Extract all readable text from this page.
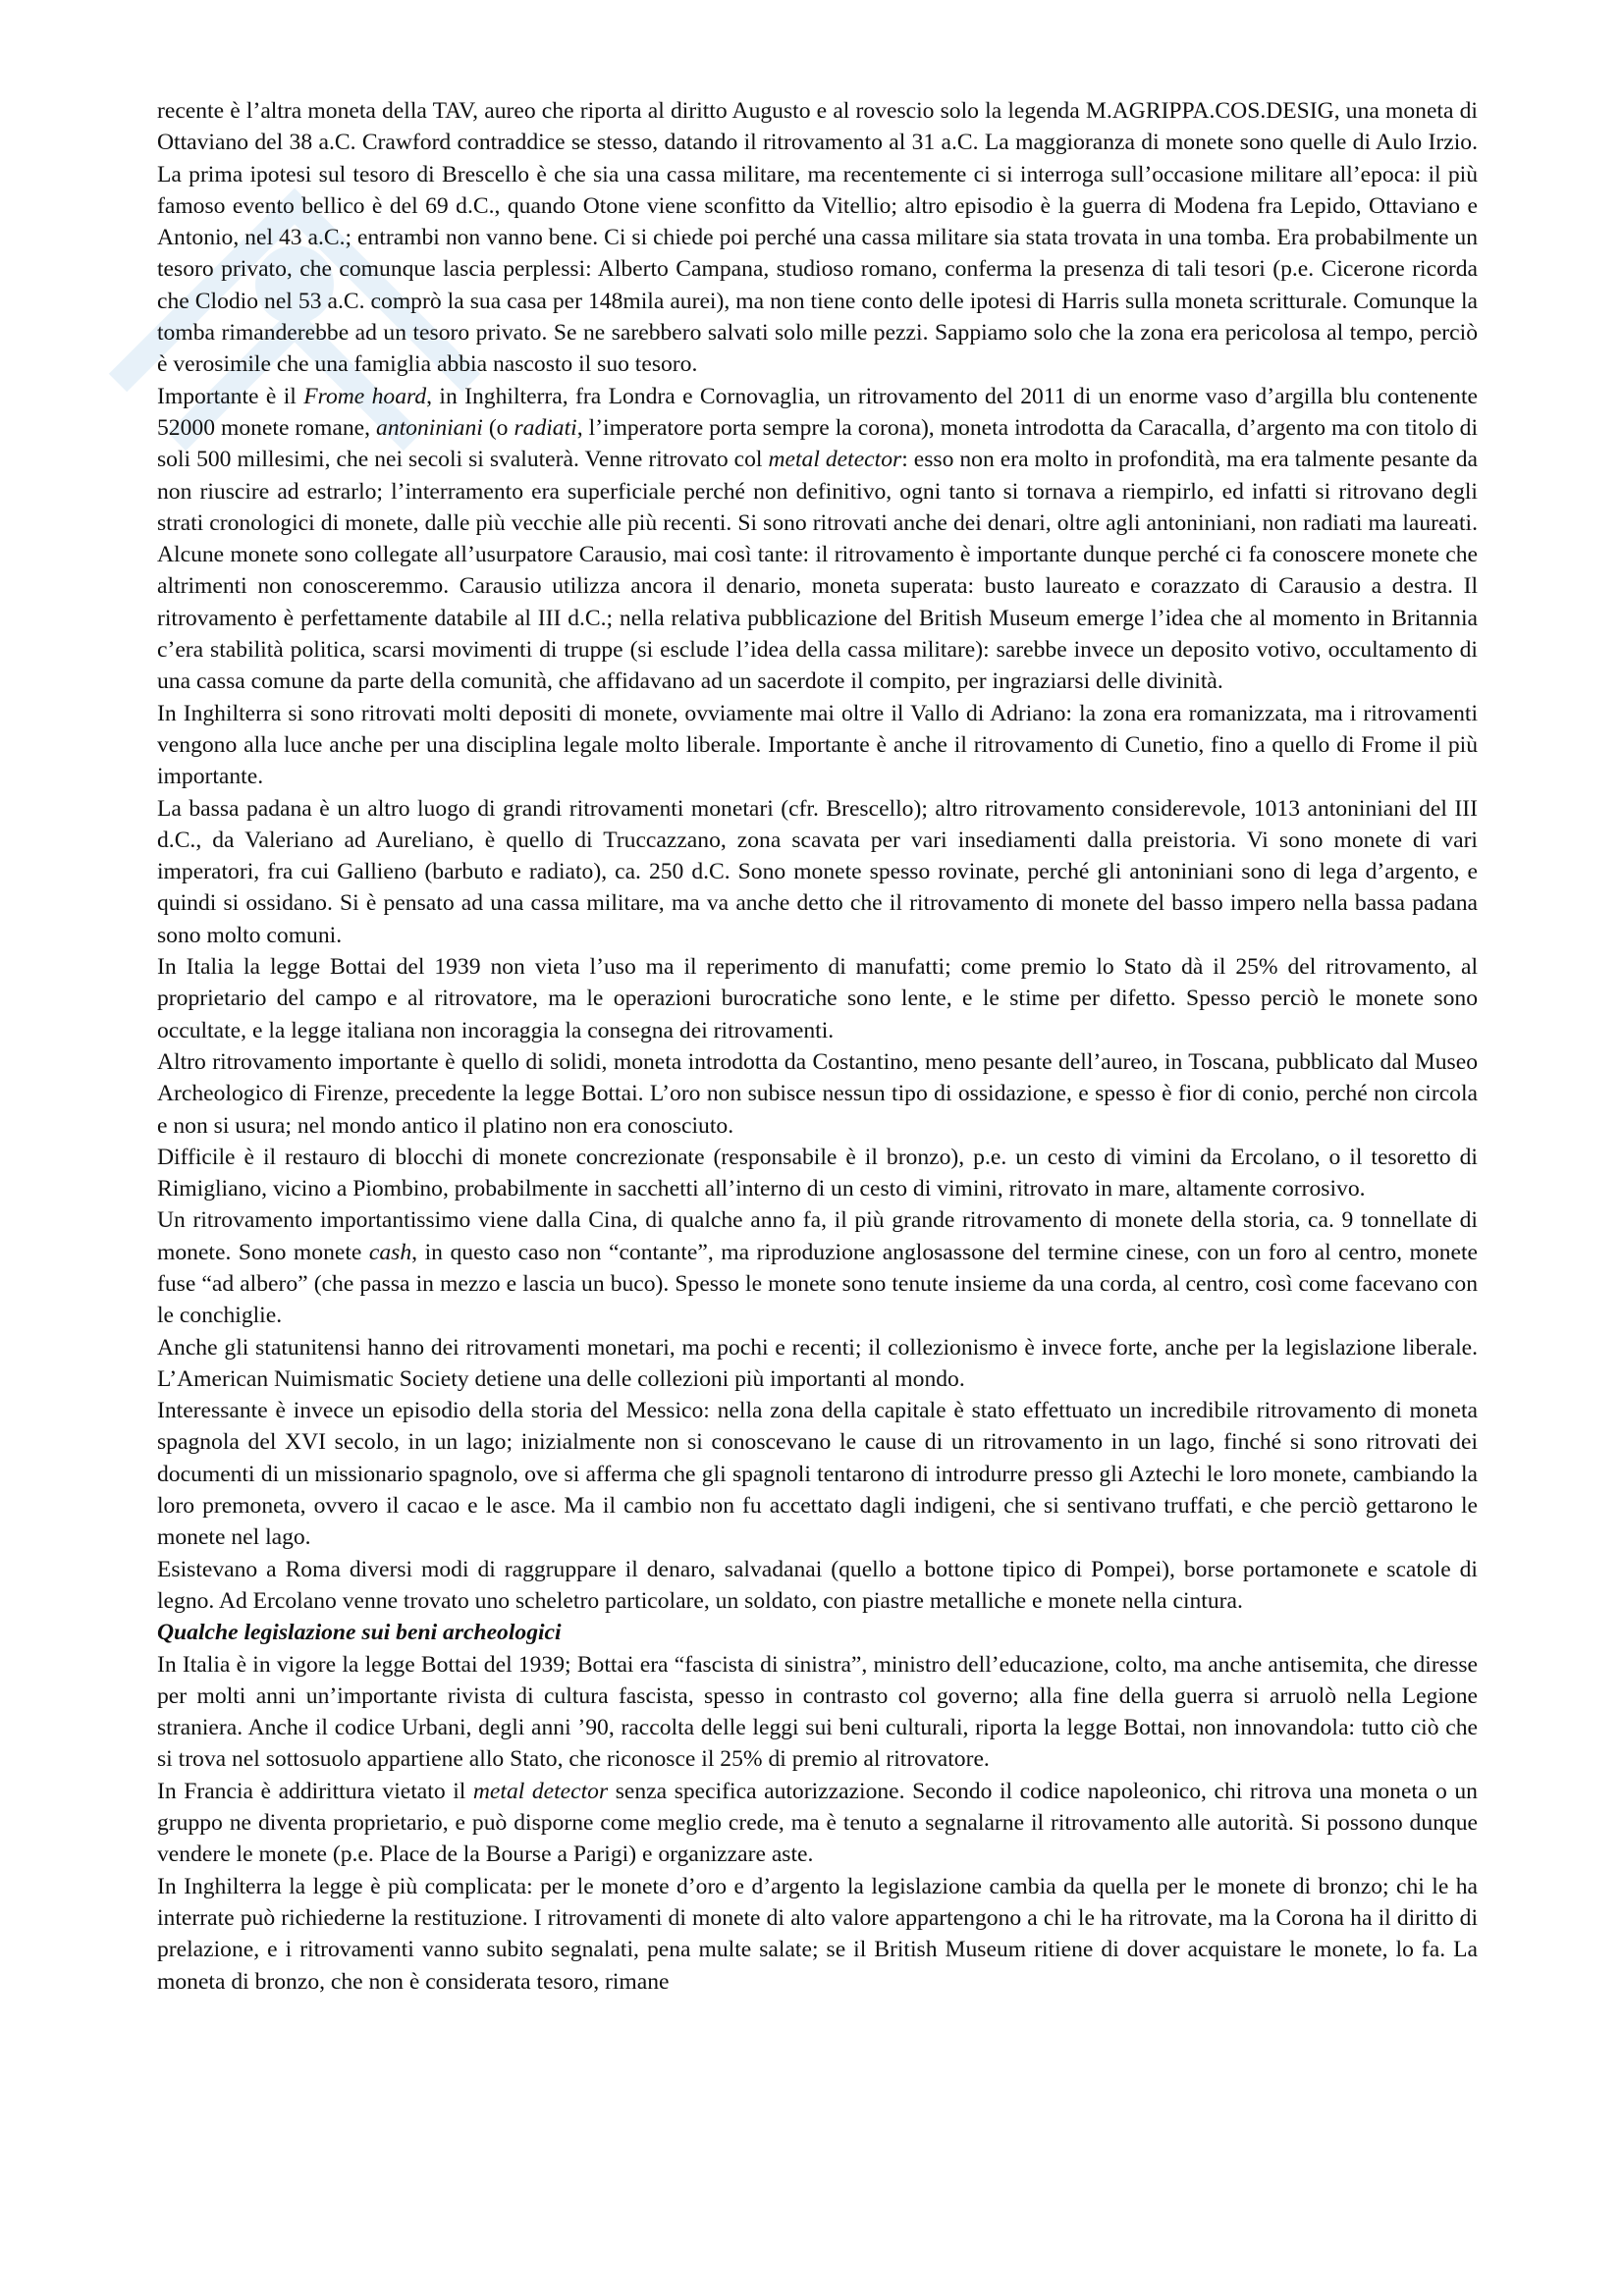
recente è l’altra moneta della TAV, aureo che riporta al diritto Augusto e al rovescio solo la legenda M.AGRIPPA.COS.DESIG, una moneta di Ottaviano del 38 a.C. Crawford contraddice se stesso, datando il ritrovamento al 31 a.C. La maggioranza di monete sono quelle di Aulo Irzio. La prima ipotesi sul tesoro di Brescello è che sia una cassa militare, ma recentemente ci si interroga sull’occasione militare all’epoca: il più famoso evento bellico è del 69 d.C., quando Otone viene sconfitto da Vitellio; altro episodio è la guerra di Modena fra Lepido, Ottaviano e Antonio, nel 43 a.C.; entrambi non vanno bene. Ci si chiede poi perché una cassa militare sia stata trovata in una tomba. Era probabilmente un tesoro privato, che comunque lascia perplessi: Alberto Campana, studioso romano, conferma la presenza di tali tesori (p.e. Cicerone ricorda che Clodio nel 53 a.C. comprò la sua casa per 148mila aurei), ma non tiene conto delle ipotesi di Harris sulla moneta scritturale. Comunque la tomba rimanderebbe ad un tesoro privato. Se ne sarebbero salvati solo mille pezzi. Sappiamo solo che la zona era pericolosa al tempo, perciò è verosimile che una famiglia abbia nascosto il suo tesoro.

Importante è il Frome hoard, in Inghilterra, fra Londra e Cornovaglia, un ritrovamento del 2011 di un enorme vaso d’argilla blu contenente 52000 monete romane, antoniniani (o radiati, l’imperatore porta sempre la corona), moneta introdotta da Caracalla, d’argento ma con titolo di soli 500 millesimi, che nei secoli si svaluterà. Venne ritrovato col metal detector: esso non era molto in profondità, ma era talmente pesante da non riuscire ad estrarlo; l’interramento era superficiale perché non definitivo, ogni tanto si tornava a riempirlo, ed infatti si ritrovano degli strati cronologici di monete, dalle più vecchie alle più recenti. Si sono ritrovati anche dei denari, oltre agli antoniniani, non radiati ma laureati. Alcune monete sono collegate all’usurpatore Carausio, mai così tante: il ritrovamento è importante dunque perché ci fa conoscere monete che altrimenti non conosceremmo. Carausio utilizza ancora il denario, moneta superata: busto laureato e corazzato di Carausio a destra. Il ritrovamento è perfettamente databile al III d.C.; nella relativa pubblicazione del British Museum emerge l’idea che al momento in Britannia c’era stabilità politica, scarsi movimenti di truppe (si esclude l’idea della cassa militare): sarebbe invece un deposito votivo, occultamento di una cassa comune da parte della comunità, che affidavano ad un sacerdote il compito, per ingraziarsi delle divinità.

In Inghilterra si sono ritrovati molti depositi di monete, ovviamente mai oltre il Vallo di Adriano: la zona era romanizzata, ma i ritrovamenti vengono alla luce anche per una disciplina legale molto liberale. Importante è anche il ritrovamento di Cunetio, fino a quello di Frome il più importante.

La bassa padana è un altro luogo di grandi ritrovamenti monetari (cfr. Brescello); altro ritrovamento considerevole, 1013 antoniniani del III d.C., da Valeriano ad Aureliano, è quello di Truccazzano, zona scavata per vari insediamenti dalla preistoria. Vi sono monete di vari imperatori, fra cui Gallieno (barbuto e radiato), ca. 250 d.C. Sono monete spesso rovinate, perché gli antoniniani sono di lega d’argento, e quindi si ossidano. Si è pensato ad una cassa militare, ma va anche detto che il ritrovamento di monete del basso impero nella bassa padana sono molto comuni.

In Italia la legge Bottai del 1939 non vieta l’uso ma il reperimento di manufatti; come premio lo Stato dà il 25% del ritrovamento, al proprietario del campo e al ritrovatore, ma le operazioni burocratiche sono lente, e le stime per difetto. Spesso perciò le monete sono occultate, e la legge italiana non incoraggia la consegna dei ritrovamenti.

Altro ritrovamento importante è quello di solidi, moneta introdotta da Costantino, meno pesante dell’aureo, in Toscana, pubblicato dal Museo Archeologico di Firenze, precedente la legge Bottai. L’oro non subisce nessun tipo di ossidazione, e spesso è fior di conio, perché non circola e non si usura; nel mondo antico il platino non era conosciuto.

Difficile è il restauro di blocchi di monete concrezionate (responsabile è il bronzo), p.e. un cesto di vimini da Ercolano, o il tesoretto di Rimigliano, vicino a Piombino, probabilmente in sacchetti all’interno di un cesto di vimini, ritrovato in mare, altamente corrosivo.

Un ritrovamento importantissimo viene dalla Cina, di qualche anno fa, il più grande ritrovamento di monete della storia, ca. 9 tonnellate di monete. Sono monete cash, in questo caso non “contante”, ma riproduzione anglosassone del termine cinese, con un foro al centro, monete fuse “ad albero” (che passa in mezzo e lascia un buco). Spesso le monete sono tenute insieme da una corda, al centro, così come facevano con le conchiglie.

Anche gli statunitensi hanno dei ritrovamenti monetari, ma pochi e recenti; il collezionismo è invece forte, anche per la legislazione liberale. L’American Nuimismatic Society detiene una delle collezioni più importanti al mondo.

Interessante è invece un episodio della storia del Messico: nella zona della capitale è stato effettuato un incredibile ritrovamento di moneta spagnola del XVI secolo, in un lago; inizialmente non si conoscevano le cause di un ritrovamento in un lago, finché si sono ritrovati dei documenti di un missionario spagnolo, ove si afferma che gli spagnoli tentarono di introdurre presso gli Aztechi le loro monete, cambiando la loro premoneta, ovvero il cacao e le asce. Ma il cambio non fu accettato dagli indigeni, che si sentivano truffati, e che perciò gettarono le monete nel lago.

Esistevano a Roma diversi modi di raggruppare il denaro, salvadanai (quello a bottone tipico di Pompei), borse portamonete e scatole di legno. Ad Ercolano venne trovato uno scheletro particolare, un soldato, con piastre metalliche e monete nella cintura.

Qualche legislazione sui beni archeologici

In Italia è in vigore la legge Bottai del 1939; Bottai era “fascista di sinistra”, ministro dell’educazione, colto, ma anche antisemita, che diresse per molti anni un’importante rivista di cultura fascista, spesso in contrasto col governo; alla fine della guerra si arruolò nella Legione straniera. Anche il codice Urbani, degli anni ’90, raccolta delle leggi sui beni culturali, riporta la legge Bottai, non innovandola: tutto ciò che si trova nel sottosuolo appartiene allo Stato, che riconosce il 25% di premio al ritrovatore.

In Francia è addirittura vietato il metal detector senza specifica autorizzazione. Secondo il codice napoleonico, chi ritrova una moneta o un gruppo ne diventa proprietario, e può disporne come meglio crede, ma è tenuto a segnalarne il ritrovamento alle autorità. Si possono dunque vendere le monete (p.e. Place de la Bourse a Parigi) e organizzare aste.

In Inghilterra la legge è più complicata: per le monete d’oro e d’argento la legislazione cambia da quella per le monete di bronzo; chi le ha interrate può richiederne la restituzione. I ritrovamenti di monete di alto valore appartengono a chi le ha ritrovate, ma la Corona ha il diritto di prelazione, e i ritrovamenti vanno subito segnalati, pena multe salate; se il British Museum ritiene di dover acquistare le monete, lo fa. La moneta di bronzo, che non è considerata tesoro, rimane
